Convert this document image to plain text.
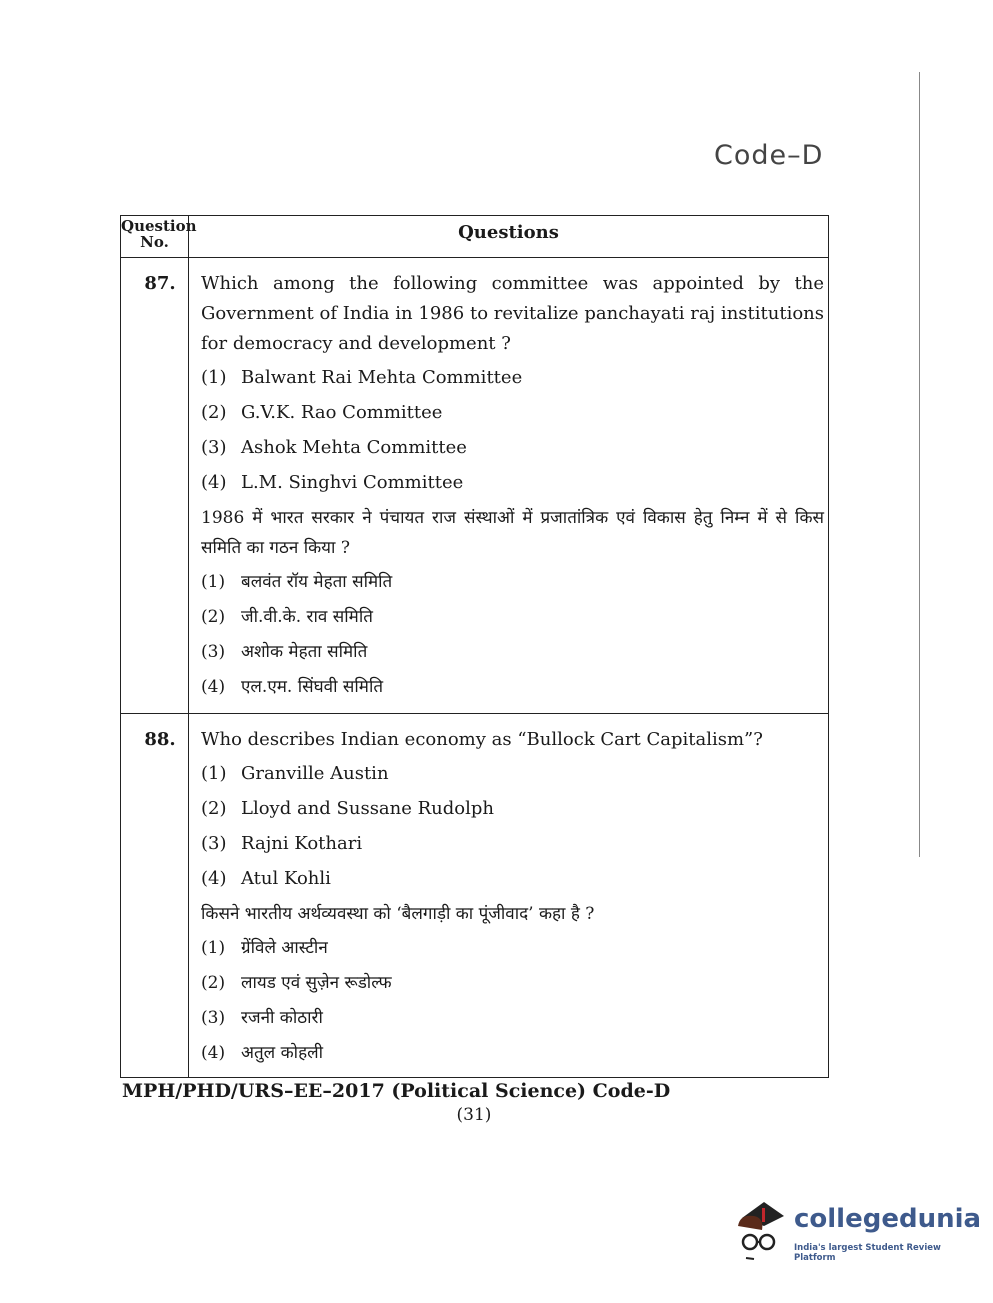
Code–D
Question
No.	Questions
87.	Which among the following committee was appointed by the Government of India in 1986 to revitalize panchayati raj institutions for democracy and development ?
(1) Balwant Rai Mehta Committee
(2) G.V.K. Rao Committee
(3) Ashok Mehta Committee
(4) L.M. Singhvi Committee
1986 में भारत सरकार ने पंचायत राज संस्थाओं में प्रजातांत्रिक एवं विकास हेतु निम्न में से किस समिति का गठन किया ?
(1) बलवंत रॉय मेहता समिति
(2) जी.वी.के. राव समिति
(3) अशोक मेहता समिति
(4) एल.एम. सिंघवी समिति
88.	Who describes Indian economy as “Bullock Cart Capitalism”?
(1) Granville Austin
(2) Lloyd and Sussane Rudolph
(3) Rajni Kothari
(4) Atul Kohli
किसने भारतीय अर्थव्यवस्था को ‘बैलगाड़ी का पूंजीवाद’ कहा है ?
(1) ग्रेंविले आस्टीन
(2) लायड एवं सुज़ेन रूडोल्फ
(3) रजनी कोठारी
(4) अतुल कोहली
MPH/PHD/URS–EE–2017 (Political Science) Code-D
(31)
collegedunia
India's largest Student Review Platform
